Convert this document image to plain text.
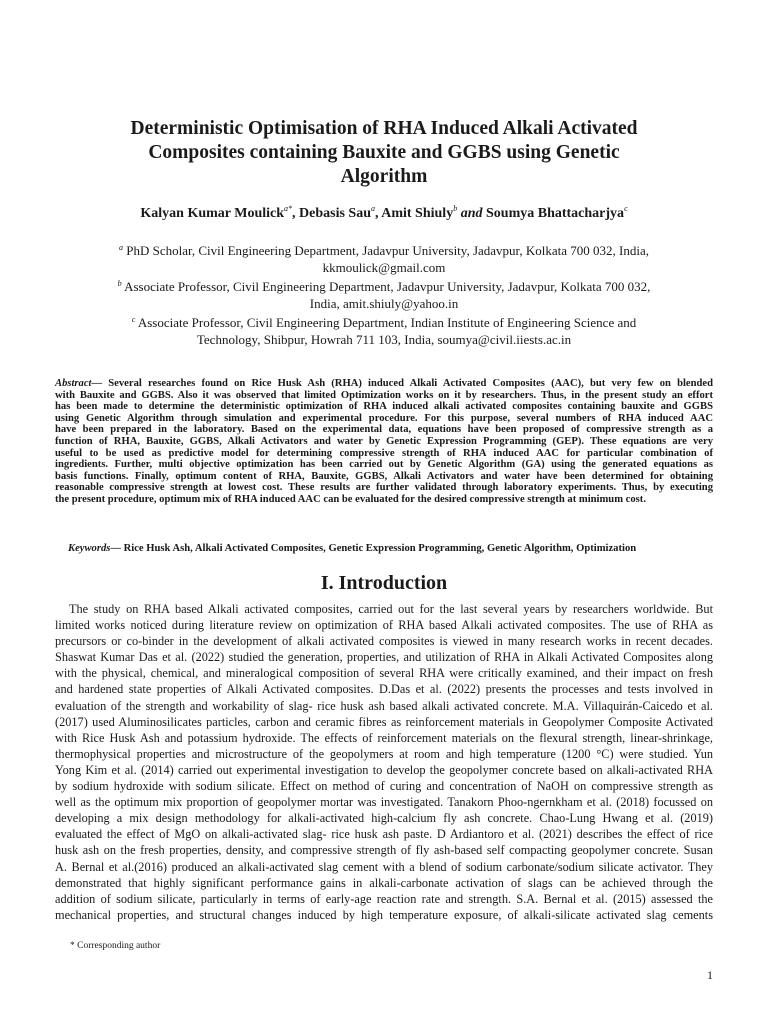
Deterministic Optimisation of RHA Induced Alkali Activated
Composites containing Bauxite and GGBS using Genetic
Algorithm
Kalyan Kumar Moulick$^{a*}$, Debasis Sau$^a$, Amit Shiuly$^b$ and Soumya Bhattacharjya$^c$
$^a$ PhD Scholar, Civil Engineering Department, Jadavpur University, Jadavpur, Kolkata 700 032, India,
kkmoulick@gmail.com
$^b$ Associate Professor, Civil Engineering Department, Jadavpur University, Jadavpur, Kolkata 700 032,
India, amit.shiuly@yahoo.in
$^c$ Associate Professor, Civil Engineering Department, Indian Institute of Engineering Science and
Technology, Shibpur, Howrah 711 103, India, soumya@civil.iiests.ac.in
Abstract— Several researches found on Rice Husk Ash (RHA) induced Alkali Activated Composites (AAC), but very few on blended
with Bauxite and GGBS. Also it was observed that limited Optimization works on it by researchers. Thus, in the present study an effort
has been made to determine the deterministic optimization of RHA induced alkali activated composites containing bauxite and GGBS
using Genetic Algorithm through simulation and experimental procedure. For this purpose, several numbers of RHA induced AAC
have been prepared in the laboratory. Based on the experimental data, equations have been proposed of compressive strength as a
function of RHA, Bauxite, GGBS, Alkali Activators and water by Genetic Expression Programming (GEP). These equations are very
useful to be used as predictive model for determining compressive strength of RHA induced AAC for particular combination of
ingredients. Further, multi objective optimization has been carried out by Genetic Algorithm (GA) using the generated equations as
basis functions. Finally, optimum content of RHA, Bauxite, GGBS, Alkali Activators and water have been determined for obtaining
reasonable compressive strength at lowest cost. These results are further validated through laboratory experiments. Thus, by executing
the present procedure, optimum mix of RHA induced AAC can be evaluated for the desired compressive strength at minimum cost.
Keywords— Rice Husk Ash, Alkali Activated Composites, Genetic Expression Programming, Genetic Algorithm, Optimization
I. Introduction
The study on RHA based Alkali activated composites, carried out for the last several years by researchers worldwide. But
limited works noticed during literature review on optimization of RHA based Alkali activated composites. The use of RHA as
precursors or co-binder in the development of alkali activated composites is viewed in many research works in recent decades.
Shaswat Kumar Das et al. (2022) studied the generation, properties, and utilization of RHA in Alkali Activated Composites along
with the physical, chemical, and mineralogical composition of several RHA were critically examined, and their impact on fresh
and hardened state properties of Alkali Activated composites. D.Das et al. (2022) presents the processes and tests involved in
evaluation of the strength and workability of slag- rice husk ash based alkali activated concrete. M.A. Villaquirán-Caicedo et al.
(2017) used Aluminosilicates particles, carbon and ceramic fibres as reinforcement materials in Geopolymer Composite Activated
with Rice Husk Ash and potassium hydroxide. The effects of reinforcement materials on the flexural strength, linear-shrinkage,
thermophysical properties and microstructure of the geopolymers at room and high temperature (1200 °C) were studied. Yun
Yong Kim et al. (2014) carried out experimental investigation to develop the geopolymer concrete based on alkali-activated RHA
by sodium hydroxide with sodium silicate. Effect on method of curing and concentration of NaOH on compressive strength as
well as the optimum mix proportion of geopolymer mortar was investigated. Tanakorn Phoo-ngernkham et al. (2018) focussed on
developing a mix design methodology for alkali-activated high-calcium fly ash concrete. Chao-Lung Hwang et al. (2019)
evaluated the effect of MgO on alkali-activated slag- rice husk ash paste. D Ardiantoro et al. (2021) describes the effect of rice
husk ash on the fresh properties, density, and compressive strength of fly ash-based self compacting geopolymer concrete. Susan
A. Bernal et al.(2016) produced an alkali-activated slag cement with a blend of sodium carbonate/sodium silicate activator. They
demonstrated that highly significant performance gains in alkali-carbonate activation of slags can be achieved through the
addition of sodium silicate, particularly in terms of early-age reaction rate and strength. S.A. Bernal et al. (2015) assessed the
mechanical properties, and structural changes induced by high temperature exposure, of alkali-silicate activated slag cements
* Corresponding author
1
